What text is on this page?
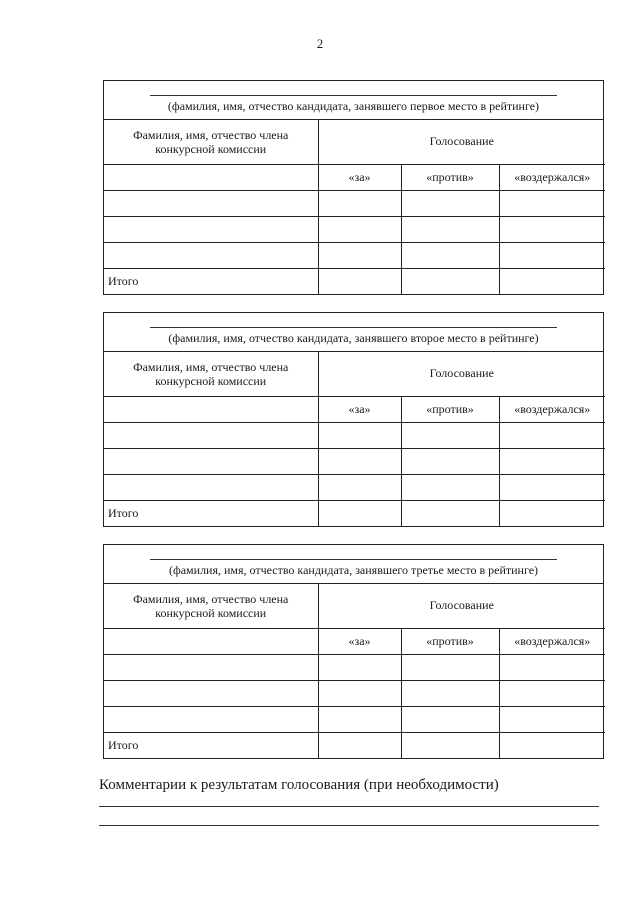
2
(фамилия, имя, отчество кандидата, занявшего первое место в рейтинге)
Фамилия, имя, отчество члена конкурсной комиссии	Голосование		
	«за»	«против»	«воздержался»

Итого			
(фамилия, имя, отчество кандидата, занявшего второе место в рейтинге)
Фамилия, имя, отчество члена конкурсной комиссии	Голосование		
	«за»	«против»	«воздержался»

Итого			
(фамилия, имя, отчество кандидата, занявшего третье место в рейтинге)
Фамилия, имя, отчество члена конкурсной комиссии	Голосование		
	«за»	«против»	«воздержался»

Итого			
Комментарии к результатам голосования (при необходимости)
